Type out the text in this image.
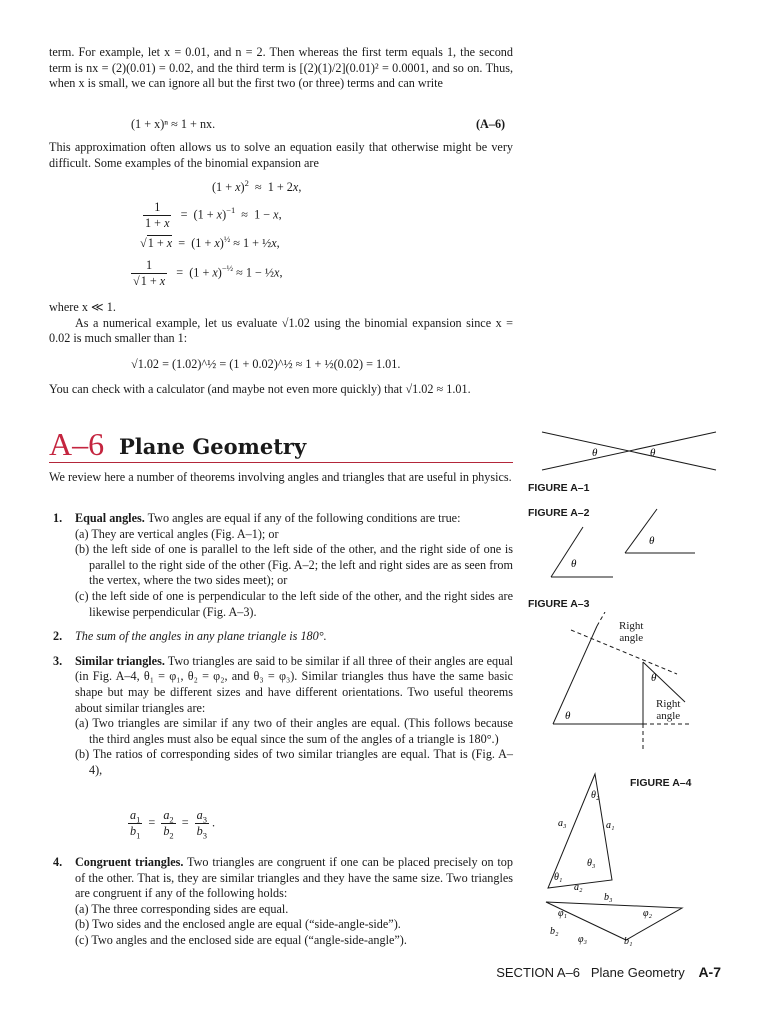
term. For example, let x = 0.01, and n = 2. Then whereas the first term equals 1, the second term is nx = (2)(0.01) = 0.02, and the third term is [(2)(1)/2](0.01)² = 0.0001, and so on. Thus, when x is small, we can ignore all but the first two (or three) terms and can write

(1 + x)ⁿ ≈ 1 + nx.	(A–6)

This approximation often allows us to solve an equation easily that otherwise might be very difficult. Some examples of the binomial expansion are

$(1 + x)^2 \approx 1 + 2x$,
$\frac{1}{1 + x} = (1 + x)^{-1} \approx 1 - x$,
$√1 + x = (1 + x)^{\frac{1}{2}} \approx 1$ + ½x,
$\frac{1}{√1 + x} = (1 + x)^{-\frac{1}{2}} \approx 1$ − ½x,

where x ≪ 1.

As a numerical example, let us evaluate √1.02 using the binomial expansion since x = 0.02 is much smaller than 1:

√1.02 = (1.02)^½ = (1 + 0.02)^½ ≈ 1 + ½(0.02) = 1.01.

You can check with a calculator (and maybe not even more quickly) that √1.02 ≈ 1.01.

A–6 Plane Geometry

We review here a number of theorems involving angles and triangles that are useful in physics.

1. Equal angles. Two angles are equal if any of the following conditions are true:
(a) They are vertical angles (Fig. A–1); or
(b) the left side of one is parallel to the left side of the other, and the right side of one is parallel to the right side of the other (Fig. A–2; the left and right sides are as seen from the vertex, where the two sides meet); or
(c) the left side of one is perpendicular to the left side of the other, and the right sides are likewise perpendicular (Fig. A–3).
2. The sum of the angles in any plane triangle is 180°.
3. Similar triangles. Two triangles are said to be similar if all three of their angles are equal (in Fig. A–4, θ₁ = φ₁, θ₂ = φ₂, and θ₃ = φ₃). Similar triangles thus have the same basic shape but may be different sizes and have different orientations. Two useful theorems about similar triangles are:
(a) Two triangles are similar if any two of their angles are equal. (This follows because the third angles must also be equal since the sum of the angles of a triangle is 180°.)
(b) The ratios of corresponding sides of two similar triangles are equal. That is (Fig. A–4),
$\frac{a_1}{b_1} = \frac{a_2}{b_2} = \frac{a_3}{b_3}$ .
4. Congruent triangles. Two triangles are congruent if one can be placed precisely on top of the other. That is, they are similar triangles and they have the same size. Two triangles are congruent if any of the following holds:
(a) The three corresponding sides are equal.
(b) Two sides and the enclosed angle are equal (“side-angle-side”).
(c) Two angles and the enclosed side are equal (“angle-side-angle”).
θ	θ
FIGURE A–1
FIGURE A–2
θ
θ
FIGURE A–3
θ
θ
Right
angle
Right
angle
FIGURE A–4
θ₂
a₃	a₁
θ₃
θ₁
a₂
b₃
φ₁	φ₂
b₂
φ₃	b₁
SECTION A–6 Plane Geometry A-7
